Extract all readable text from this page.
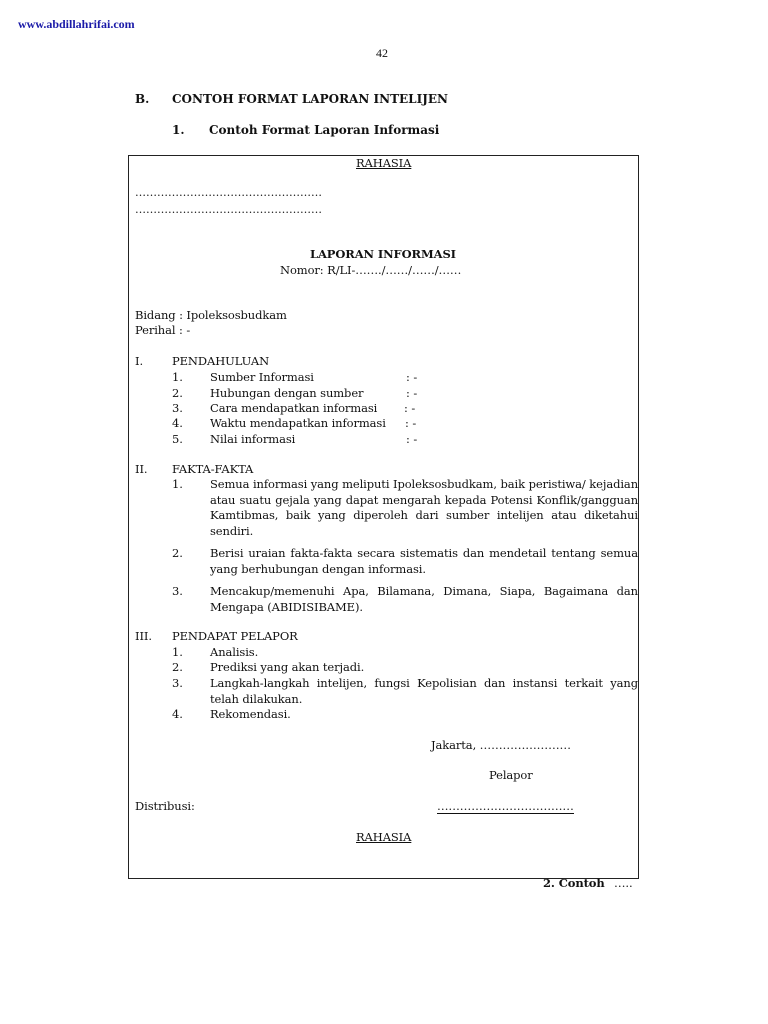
www.abdillahrifai.com
42
B. CONTOH FORMAT LAPORAN INTELIJEN
1. Contoh Format Laporan Informasi
RAHASIA
……………………………………………
……………………………………………
LAPORAN INFORMASI
Nomor: R/LI-……./……/……/……
Bidang : Ipoleksosbudkam
Perihal : -
I.	PENDAHULUAN
1. Sumber Informasi	: -
2. Hubungan dengan sumber	: -
3. Cara mendapatkan informasi : -
4. Waktu mendapatkan informasi : -
5. Nilai informasi	: -
II. FAKTA-FAKTA
1. Semua informasi yang meliputi Ipoleksosbudkam, baik peristiwa/ kejadian atau suatu gejala yang dapat mengarah kepada Potensi Konflik/gangguan Kamtibmas, baik yang diperoleh dari sumber intelijen atau diketahui sendiri.
2. Berisi uraian fakta-fakta secara sistematis dan mendetail tentang semua yang berhubungan dengan informasi.
3. Mencakup/memenuhi Apa, Bilamana, Dimana, Siapa, Bagaimana dan Mengapa (ABIDISIBAME).
III. PENDAPAT PELAPOR
1. Analisis.
2. Prediksi yang akan terjadi.
3. Langkah-langkah intelijen, fungsi Kepolisian dan instansi terkait yang telah dilakukan.
4. Rekomendasi.
Jakarta, ……………………
Pelapor
Distribusi:	………………………………
RAHASIA
2. Contoh …..
